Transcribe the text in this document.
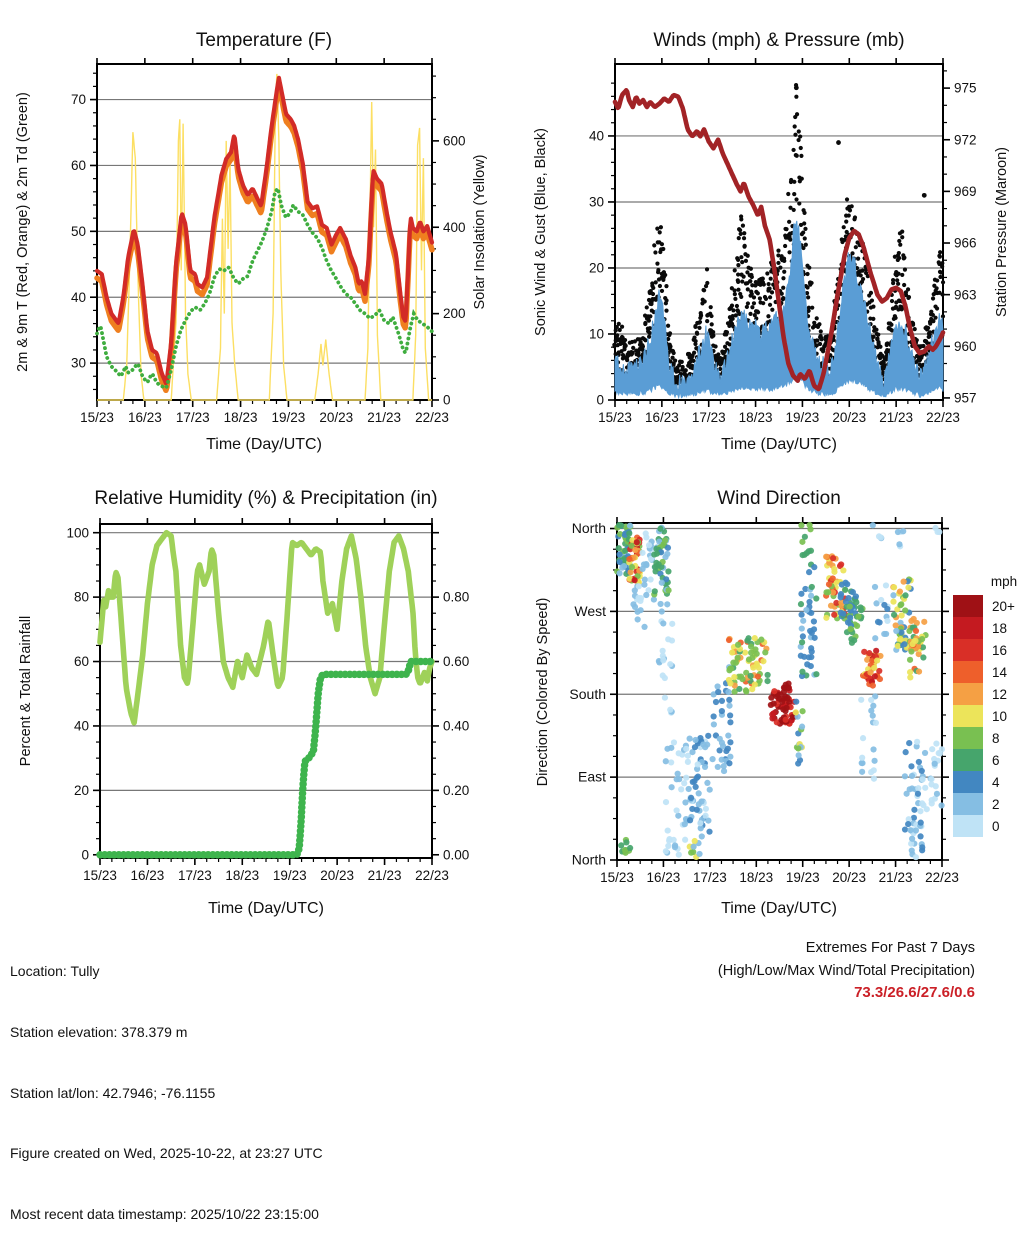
Temperature (F)	Winds (mph) & Pressure (mb)
Relative Humidity (%) & Precipitation (in)	Wind Direction
Time (Day/UTC)	Time (Day/UTC)
Time (Day/UTC)	Time (Day/UTC)
2m & 9m T (Red, Orange) & 2m Td (Green)	Solar Insolation (Yellow)	Sonic Wind & Gust (Blue, Black)	Station Pressure (Maroon)
Percent & Total Rainfall	Direction (Colored By Speed)
mph
15/23 16/23 17/23 18/23 19/23 20/23 21/23 22/23
30
40
50
60
70
0
200
400
600
15/23 16/23 17/23 18/23 19/23 20/23 21/23 22/23
0
10
20
30
40
957
960
963
966
969
972
975
15/23 16/23 17/23 18/23 19/23 20/23 21/23 22/23
0
20
40
60
80
100
0.00
0.20
0.40
0.60
0.80
15/23 16/23 17/23 18/23 19/23 20/23 21/23 22/23
North
West
South
East
North
20+
18
16
14
12
10
8
6
4
2
0

Location: Tully

Station elevation: 378.379 m

Station lat/lon: 42.7946; -76.1155

Figure created on Wed, 2025-10-22, at 23:27 UTC

Most recent data timestamp: 2025/10/22 23:15:00

Extremes For Past 7 Days
(High/Low/Max Wind/Total Precipitation)
73.3/26.6/27.6/0.6
